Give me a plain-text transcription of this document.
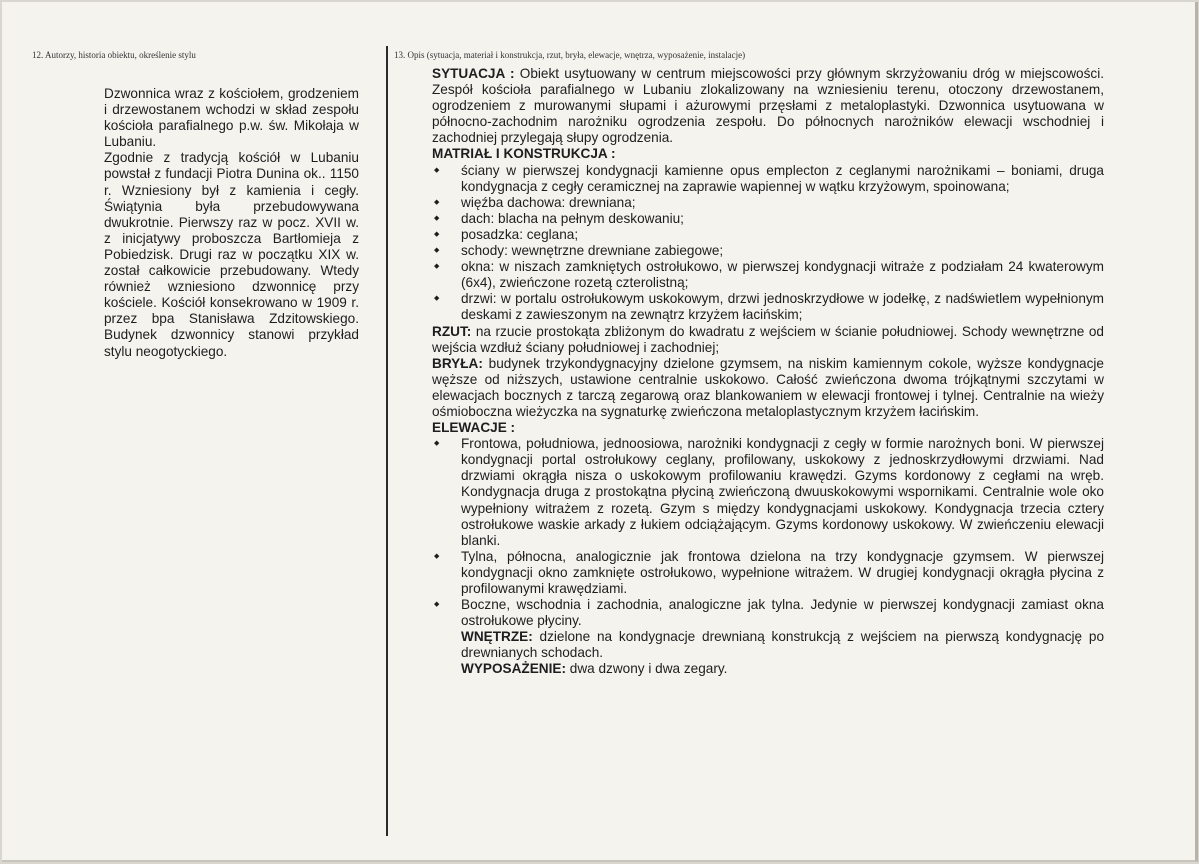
12. Autorzy, historia obiektu, określenie stylu	13. Opis (sytuacja, materiał i konstrukcja, rzut, bryła, elewacje, wnętrza, wyposażenie, instalacje)

Dzwonnica wraz z kościołem, grodzeniem i drzewostanem wchodzi w skład zespołu kościoła parafialnego p.w. św. Mikołaja w Lubaniu.

Zgodnie z tradycją kościół w Lubaniu powstał z fundacji Piotra Dunina ok.. 1150 r. Wzniesiony był z kamienia i cegły. Świątynia była przebudowywana dwukrotnie. Pierwszy raz w pocz. XVII w. z inicjatywy proboszcza Bartłomieja z Pobiedzisk. Drugi raz w początku XIX w. został całkowicie przebudowany. Wtedy również wzniesiono dzwonnicę przy kościele. Kościół konsekrowano w 1909 r. przez bpa Stanisława Zdzitowskiego. Budynek dzwonnicy stanowi przykład stylu neogotyckiego.

SYTUACJA : Obiekt usytuowany w centrum miejscowości przy głównym skrzyżowaniu dróg w miejscowości. Zespół kościoła parafialnego w Lubaniu zlokalizowany na wzniesieniu terenu, otoczony drzewostanem, ogrodzeniem z murowanymi słupami i ażurowymi przęsłami z metaloplastyki. Dzwonnica usytuowana w północno-zachodnim narożniku ogrodzenia zespołu. Do północnych narożników elewacji wschodniej i zachodniej przylegają słupy ogrodzenia.

MATRIAŁ I KONSTRUKCJA :
◆ ściany w pierwszej kondygnacji kamienne opus emplecton z ceglanymi narożnikami – boniami, druga kondygnacja z cegły ceramicznej na zaprawie wapiennej w wątku krzyżowym, spoinowana;
◆ więźba dachowa: drewniana;
◆ dach: blacha na pełnym deskowaniu;
◆ posadzka: ceglana;
◆ schody: wewnętrzne drewniane zabiegowe;
◆ okna: w niszach zamkniętych ostrołukowo, w pierwszej kondygnacji witraże z podziałam 24 kwaterowym (6x4), zwieńczone rozetą czterolistną;
◆ drzwi: w portalu ostrołukowym uskokowym, drzwi jednoskrzydłowe w jodełkę, z nadświetlem wypełnionym deskami z zawieszonym na zewnątrz krzyżem łacińskim;

RZUT: na rzucie prostokąta zbliżonym do kwadratu z wejściem w ścianie południowej. Schody wewnętrzne od wejścia wzdłuż ściany południowej i zachodniej;

BRYŁA: budynek trzykondygnacyjny dzielone gzymsem, na niskim kamiennym cokole, wyższe kondygnacje węższe od niższych, ustawione centralnie uskokowo. Całość zwieńczona dwoma trójkątnymi szczytami w elewacjach bocznych z tarczą zegarową oraz blankowaniem w elewacji frontowej i tylnej. Centralnie na wieży ośmioboczna wieżyczka na sygnaturkę zwieńczona metaloplastycznym krzyżem łacińskim.

ELEWACJE :
◆ Frontowa, południowa, jednoosiowa, narożniki kondygnacji z cegły w formie narożnych boni. W pierwszej kondygnacji portal ostrołukowy ceglany, profilowany, uskokowy z jednoskrzydłowymi drzwiami. Nad drzwiami okrągła nisza o uskokowym profilowaniu krawędzi. Gzyms kordonowy z cegłami na wręb. Kondygnacja druga z prostokątna płyciną zwieńczoną dwuuskokowymi wspornikami. Centralnie wole oko wypełniony witrażem z rozetą. Gzym s między kondygnacjami uskokowy. Kondygnacja trzecia cztery ostrołukowe waskie arkady z łukiem odciążającym. Gzyms kordonowy uskokowy. W zwieńczeniu elewacji blanki.
◆ Tylna, północna, analogicznie jak frontowa dzielona na trzy kondygnacje gzymsem. W pierwszej kondygnacji okno zamknięte ostrołukowo, wypełnione witrażem. W drugiej kondygnacji okrągła płycina z profilowanymi krawędziami.
◆ Boczne, wschodnia i zachodnia, analogiczne jak tylna. Jedynie w pierwszej kondygnacji zamiast okna ostrołukowe płyciny.

WNĘTRZE: dzielone na kondygnacje drewnianą konstrukcją z wejściem na pierwszą kondygnację po drewnianych schodach.

WYPOSAŻENIE: dwa dzwony i dwa zegary.
